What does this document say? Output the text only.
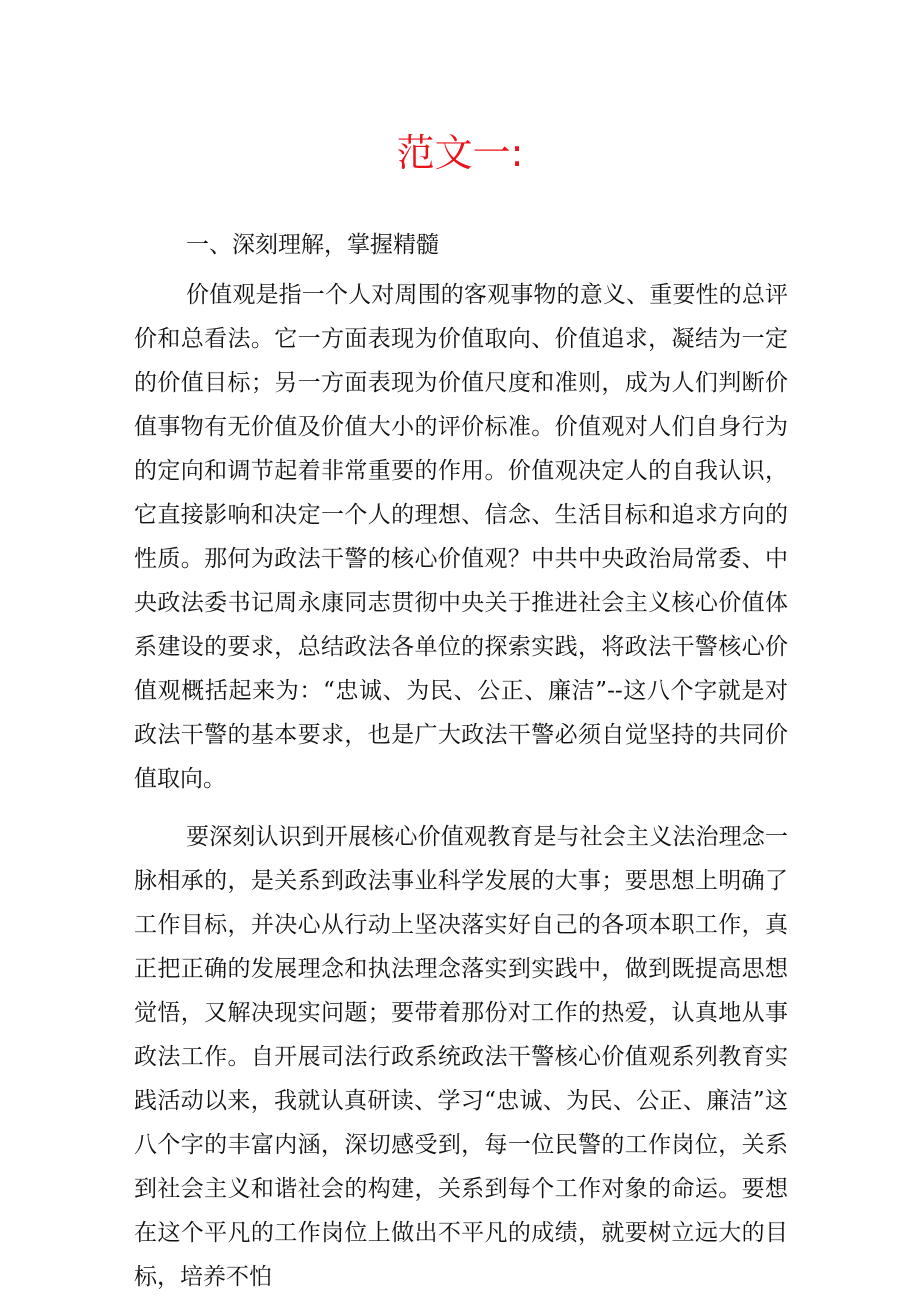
范文一:

一、深刻理解，掌握精髓

价值观是指一个人对周围的客观事物的意义、重要性的总评价和总看法。它一方面表现为价值取向、价值追求，凝结为一定的价值目标；另一方面表现为价值尺度和准则，成为人们判断价值事物有无价值及价值大小的评价标准。价值观对人们自身行为的定向和调节起着非常重要的作用。价值观决定人的自我认识，它直接影响和决定一个人的理想、信念、生活目标和追求方向的性质。那何为政法干警的核心价值观？中共中央政治局常委、中央政法委书记周永康同志贯彻中央关于推进社会主义核心价值体系建设的要求，总结政法各单位的探索实践，将政法干警核心价值观概括起来为：“忠诚、为民、公正、廉洁”--这八个字就是对政法干警的基本要求，也是广大政法干警必须自觉坚持的共同价值取向。

要深刻认识到开展核心价值观教育是与社会主义法治理念一脉相承的，是关系到政法事业科学发展的大事；要思想上明确了工作目标，并决心从行动上坚决落实好自己的各项本职工作，真正把正确的发展理念和执法理念落实到实践中，做到既提高思想觉悟，又解决现实问题；要带着那份对工作的热爱，认真地从事政法工作。自开展司法行政系统政法干警核心价值观系列教育实践活动以来，我就认真研读、学习“忠诚、为民、公正、廉洁”这八个字的丰富内涵，深切感受到，每一位民警的工作岗位，关系到社会主义和谐社会的构建，关系到每个工作对象的命运。要想在这个平凡的工作岗位上做出不平凡的成绩，就要树立远大的目标，培养不怕
